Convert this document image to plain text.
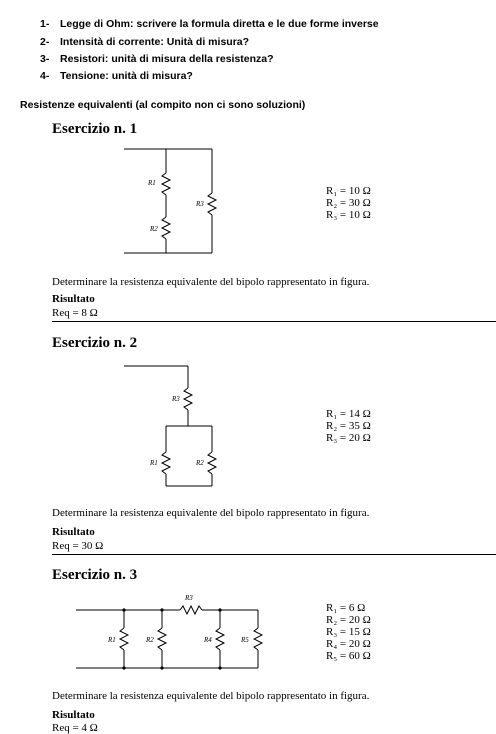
1- Legge di Ohm: scrivere la formula diretta e le due forme inverse
2- Intensità di corrente: Unità di misura?
3- Resistori: unità di misura della resistenza?
4- Tensione: unità di misura?
Resistenze equivalenti (al compito non ci sono soluzioni)
Esercizio n. 1
R1
R2
R3
R₁ = 10 Ω
R₂ = 30 Ω
R₃ = 10 Ω
Determinare la resistenza equivalente del bipolo rappresentato in figura.
Risultato
Req = 8 Ω
Esercizio n. 2
R3
R1	R2
R₁ = 14 Ω
R₂ = 35 Ω
R₃ = 20 Ω
Determinare la resistenza equivalente del bipolo rappresentato in figura.
Risultato
Req = 30 Ω
Esercizio n. 3
R3
R1	R2	R4	R5
R₁ = 6 Ω
R₂ = 20 Ω
R₃ = 15 Ω
R₄ = 20 Ω
R₅ = 60 Ω
Determinare la resistenza equivalente del bipolo rappresentato in figura.
Risultato
Req = 4 Ω
